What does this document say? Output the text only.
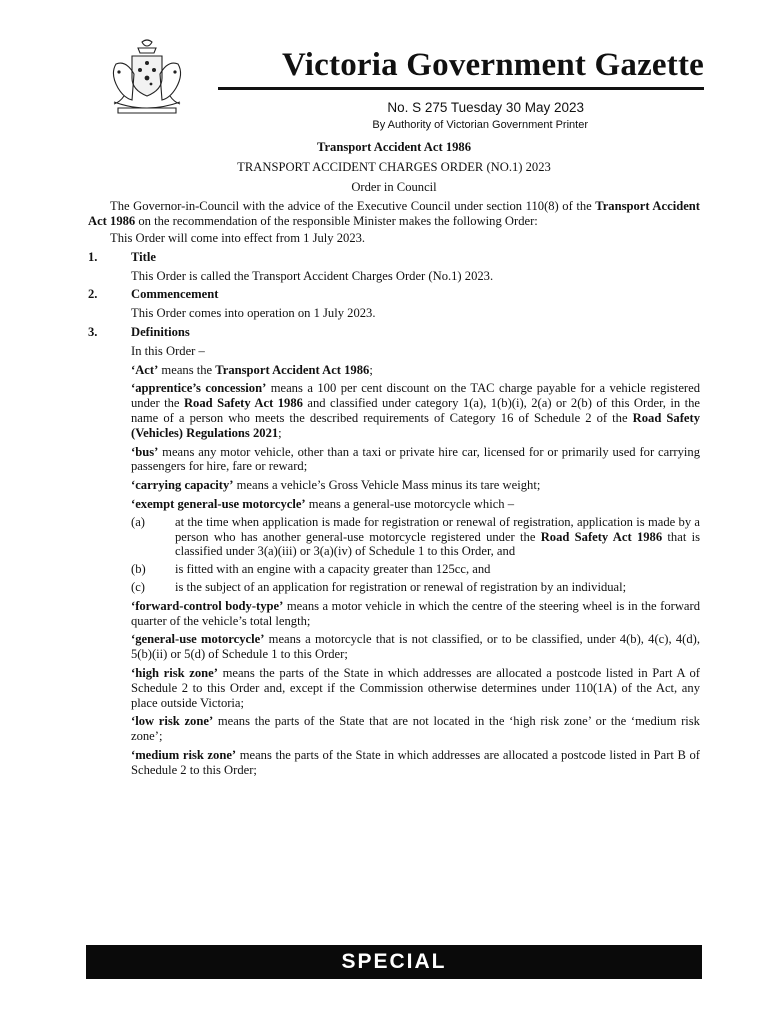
Victoria Government Gazette
No. S 275 Tuesday 30 May 2023
By Authority of Victorian Government Printer
Transport Accident Act 1986
TRANSPORT ACCIDENT CHARGES ORDER (NO.1) 2023
Order in Council

The Governor-in-Council with the advice of the Executive Council under section 110(8) of the Transport Accident Act 1986 on the recommendation of the responsible Minister makes the following Order:

This Order will come into effect from 1 July 2023.

1.	Title
This Order is called the Transport Accident Charges Order (No.1) 2023.
2.	Commencement
This Order comes into operation on 1 July 2023.
3.	Definitions
In this Order –
‘Act’ means the Transport Accident Act 1986;
‘apprentice’s concession’ means a 100 per cent discount on the TAC charge payable for a vehicle registered under the Road Safety Act 1986 and classified under category 1(a), 1(b)(i), 2(a) or 2(b) of this Order, in the name of a person who meets the described requirements of Category 16 of Schedule 2 of the Road Safety (Vehicles) Regulations 2021;
‘bus’ means any motor vehicle, other than a taxi or private hire car, licensed for or primarily used for carrying passengers for hire, fare or reward;
‘carrying capacity’ means a vehicle’s Gross Vehicle Mass minus its tare weight;
‘exempt general-use motorcycle’ means a general-use motorcycle which –
(a)	at the time when application is made for registration or renewal of registration, application is made by a person who has another general-use motorcycle registered under the Road Safety Act 1986 that is classified under 3(a)(iii) or 3(a)(iv) of Schedule 1 to this Order, and
(b)	is fitted with an engine with a capacity greater than 125cc, and
(c)	is the subject of an application for registration or renewal of registration by an individual;
‘forward-control body-type’ means a motor vehicle in which the centre of the steering wheel is in the forward quarter of the vehicle’s total length;
‘general-use motorcycle’ means a motorcycle that is not classified, or to be classified, under 4(b), 4(c), 4(d), 5(b)(ii) or 5(d) of Schedule 1 to this Order;
‘high risk zone’ means the parts of the State in which addresses are allocated a postcode listed in Part A of Schedule 2 to this Order and, except if the Commission otherwise determines under 110(1A) of the Act, any place outside Victoria;
‘low risk zone’ means the parts of the State that are not located in the ‘high risk zone’ or the ‘medium risk zone’;
‘medium risk zone’ means the parts of the State in which addresses are allocated a postcode listed in Part B of Schedule 2 to this Order;
SPECIAL
